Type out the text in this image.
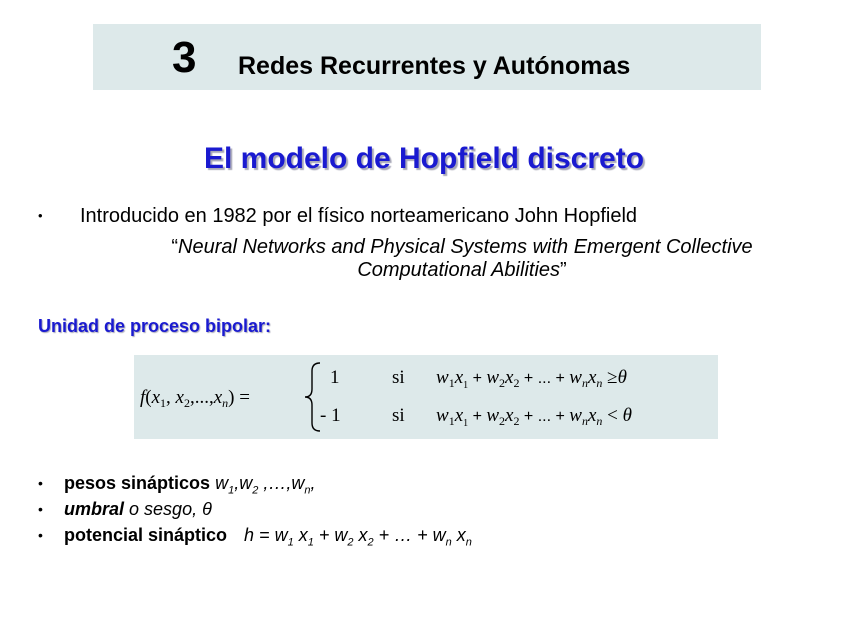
3 Redes Recurrentes y Autónomas
El modelo de Hopfield discreto
• Introducido en 1982 por el físico norteamericano John Hopfield
“Neural Networks and Physical Systems with Emergent Collective
Computational Abilities”
Unidad de proceso bipolar:
$f(x_1$, $x_2,...,x_n$) =
1	si $w_1x_1$ + $w_2x_2$ + ... + $w_nx_n \ge\theta$
- 1	si $w_1x_1$ + $w_2x_2$ + ... + $w_nx_n < \theta$
• pesos sinápticos $w_1,w_2$ $,\dots,w_n$,
• umbral o sesgo, θ
• potencial sináptico $h = w_1$ $x_1 + w_2$ $x_2$ + … + $w_n$ $x_n$
